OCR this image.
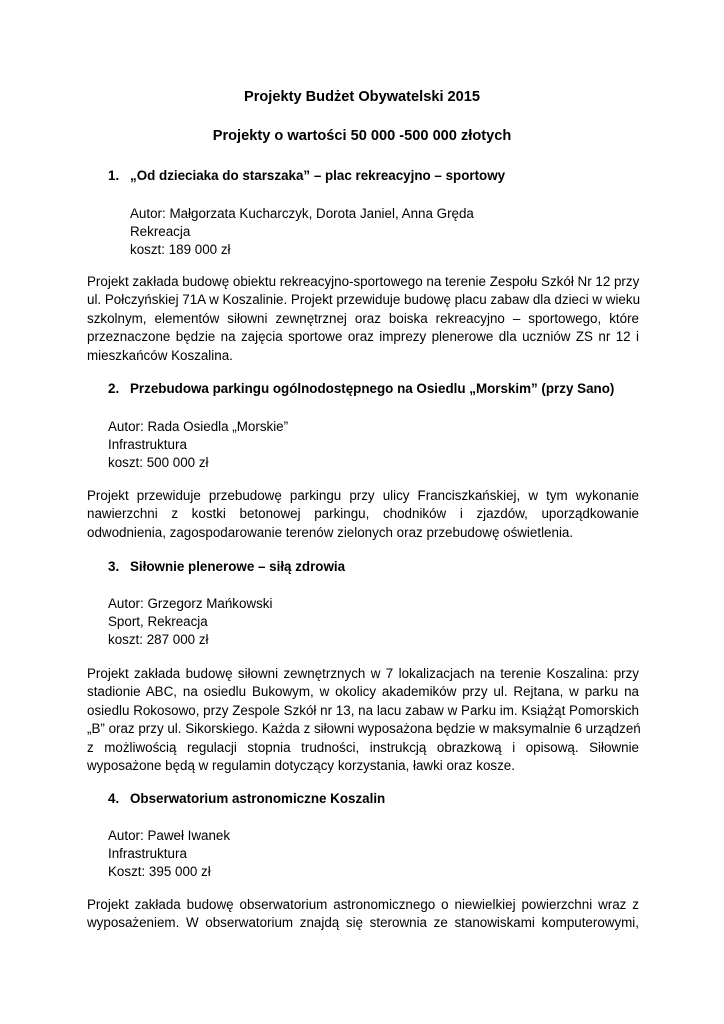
Projekty Budżet Obywatelski 2015
Projekty o wartości 50 000 -500 000 złotych
1. „Od dzieciaka do starszaka” – plac rekreacyjno – sportowy
Autor: Małgorzata Kucharczyk, Dorota Janiel, Anna Gręda
Rekreacja
koszt: 189 000 zł
Projekt zakłada budowę obiektu rekreacyjno-sportowego na terenie Zespołu Szkół Nr 12 przy
ul. Połczyńskiej 71A w Koszalinie. Projekt przewiduje budowę placu zabaw dla dzieci w wieku
szkolnym, elementów siłowni zewnętrznej oraz boiska rekreacyjno – sportowego, które
przeznaczone będzie na zajęcia sportowe oraz imprezy plenerowe dla uczniów ZS nr 12 i
mieszkańców Koszalina.
2. Przebudowa parkingu ogólnodostępnego na Osiedlu „Morskim” (przy Sano)
Autor: Rada Osiedla „Morskie”
Infrastruktura
koszt: 500 000 zł
Projekt przewiduje przebudowę parkingu przy ulicy Franciszkańskiej, w tym wykonanie
nawierzchni z kostki betonowej parkingu, chodników i zjazdów, uporządkowanie
odwodnienia, zagospodarowanie terenów zielonych oraz przebudowę oświetlenia.
3. Siłownie plenerowe – siłą zdrowia
Autor: Grzegorz Mańkowski
Sport, Rekreacja
koszt: 287 000 zł
Projekt zakłada budowę siłowni zewnętrznych w 7 lokalizacjach na terenie Koszalina: przy
stadionie ABC, na osiedlu Bukowym, w okolicy akademików przy ul. Rejtana, w parku na
osiedlu Rokosowo, przy Zespole Szkół nr 13, na lacu zabaw w Parku im. Książąt Pomorskich
„B” oraz przy ul. Sikorskiego. Każda z siłowni wyposażona będzie w maksymalnie 6 urządzeń
z możliwością regulacji stopnia trudności, instrukcją obrazkową i opisową. Siłownie
wyposażone będą w regulamin dotyczący korzystania, ławki oraz kosze.
4. Obserwatorium astronomiczne Koszalin
Autor: Paweł Iwanek
Infrastruktura
Koszt: 395 000 zł
Projekt zakłada budowę obserwatorium astronomicznego o niewielkiej powierzchni wraz z
wyposażeniem. W obserwatorium znajdą się sterownia ze stanowiskami komputerowymi,
